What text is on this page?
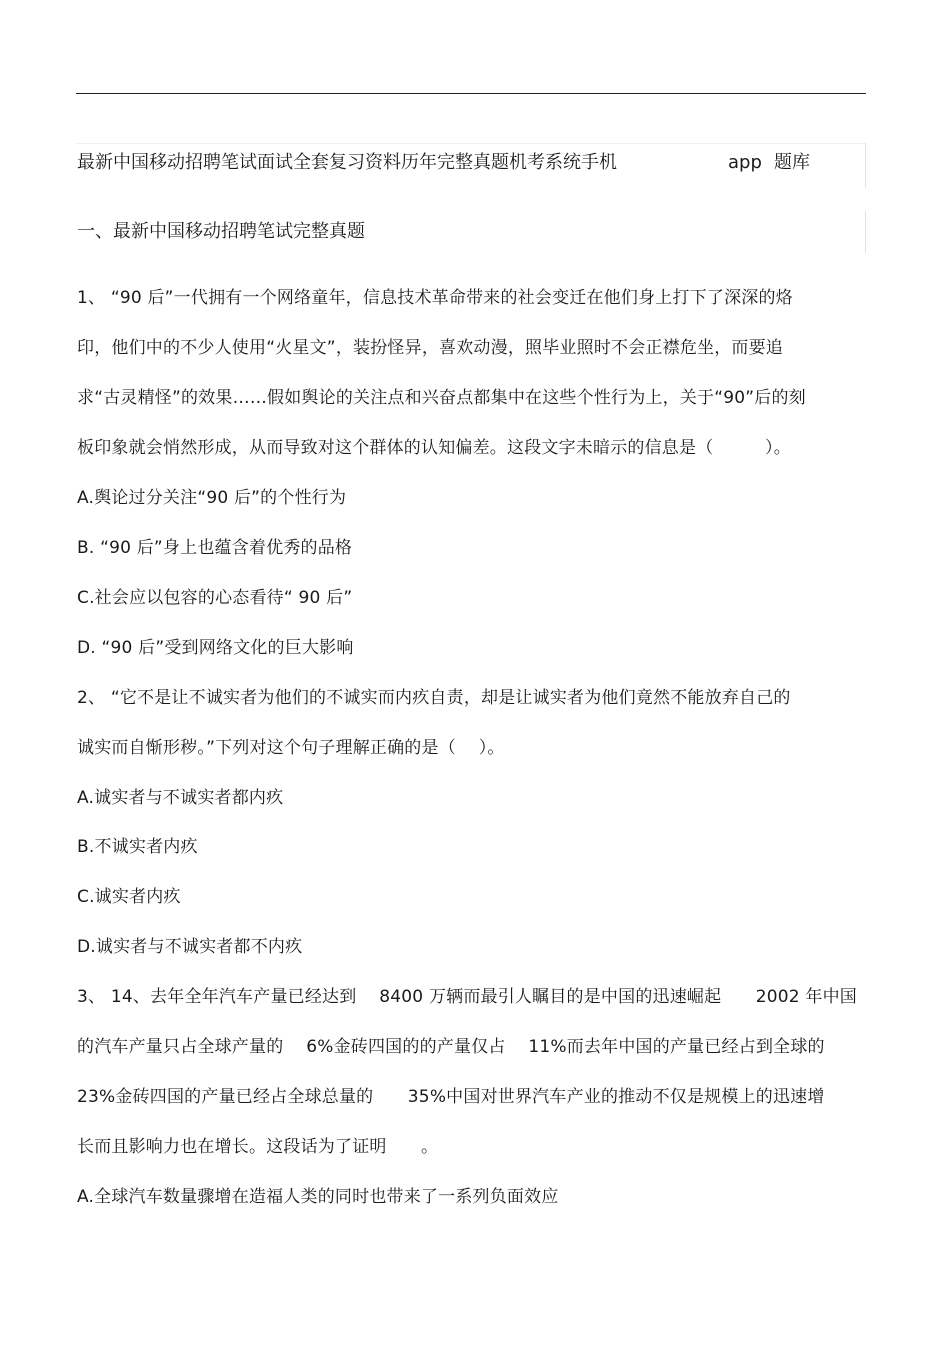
最新中国移动招聘笔试面试全套复习资料历年完整真题机考系统手机	app 题库
一、最新中国移动招聘笔试完整真题
1、 “90 后”一代拥有一个网络童年，信息技术革命带来的社会变迁在他们身上打下了深深的烙
印，他们中的不少人使用“火星文”，装扮怪异，喜欢动漫，照毕业照时不会正襟危坐，而要追
求“古灵精怪”的效果……假如舆论的关注点和兴奋点都集中在这些个性行为上，关于“90”后的刻
板印象就会悄然形成，从而导致对这个群体的认知偏差。这段文字未暗示的信息是（　　　）。
A.舆论过分关注“90 后”的个性行为
B. “90 后”身上也蕴含着优秀的品格
C.社会应以包容的心态看待“ 90 后”
D. “90 后”受到网络文化的巨大影响
2、 “它不是让不诚实者为他们的不诚实而内疚自责，却是让诚实者为他们竟然不能放弃自己的
诚实而自惭形秽。”下列对这个句子理解正确的是（　 ）。
A.诚实者与不诚实者都内疚
B.不诚实者内疚
C.诚实者内疚
D.诚实者与不诚实者都不内疚
3、 14、去年全年汽车产量已经达到　 8400 万辆而最引人瞩目的是中国的迅速崛起　　2002 年中国
的汽车产量只占全球产量的　 6%金砖四国的的产量仅占　 11%而去年中国的产量已经占到全球的
23%金砖四国的产量已经占全球总量的　　35%中国对世界汽车产业的推动不仅是规模上的迅速增
长而且影响力也在增长。这段话为了证明　　。
A.全球汽车数量骤增在造福人类的同时也带来了一系列负面效应
